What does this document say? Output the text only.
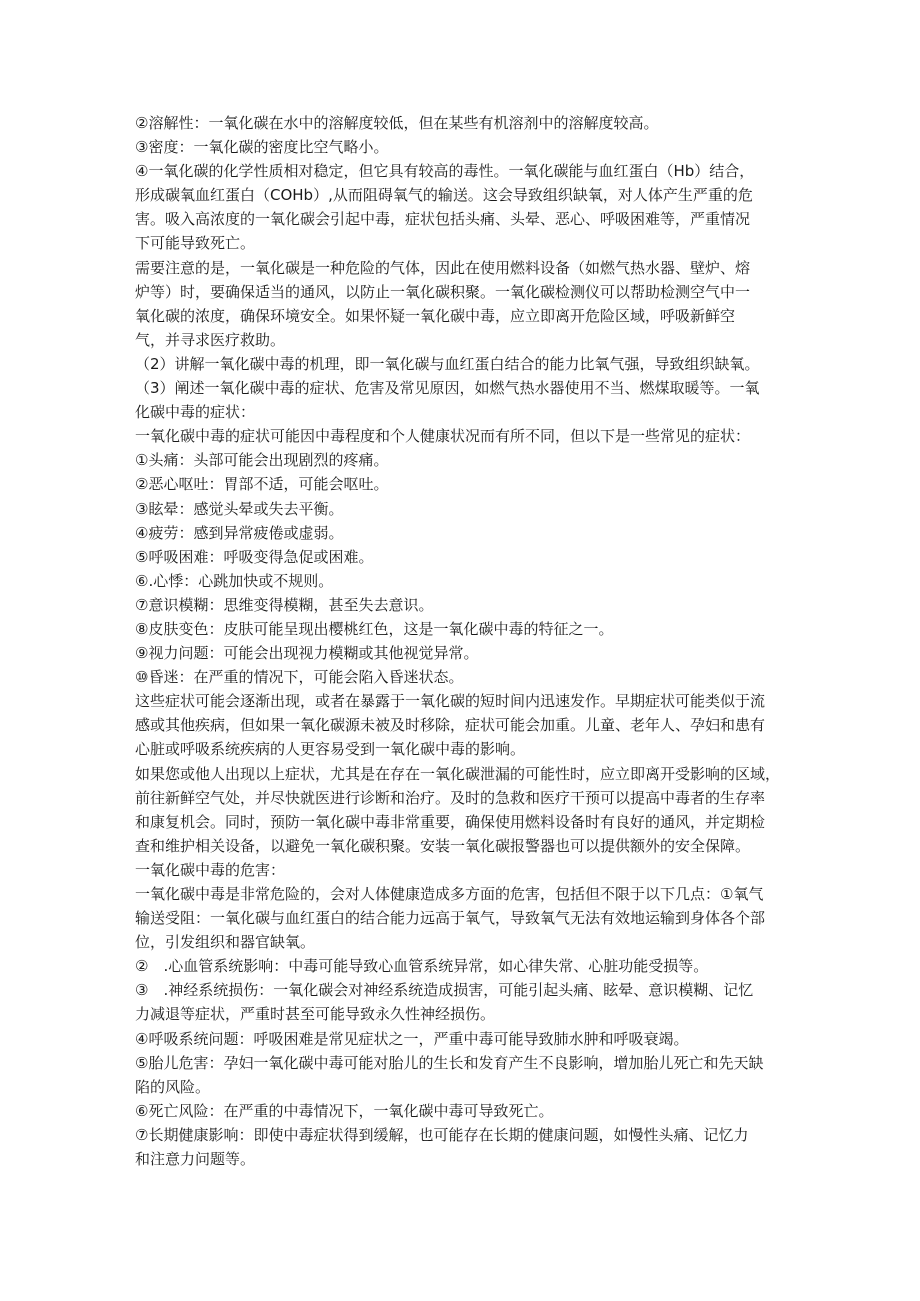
②溶解性：一氧化碳在水中的溶解度较低，但在某些有机溶剂中的溶解度较高。
③密度：一氧化碳的密度比空气略小。
④一氧化碳的化学性质相对稳定，但它具有较高的毒性。一氧化碳能与血红蛋白（Hb）结合，
形成碳氧血红蛋白（COHb）,从而阻碍氧气的输送。这会导致组织缺氧，对人体产生严重的危
害。吸入高浓度的一氧化碳会引起中毒，症状包括头痛、头晕、恶心、呼吸困难等，严重情况
下可能导致死亡。
需要注意的是，一氧化碳是一种危险的气体，因此在使用燃料设备（如燃气热水器、壁炉、熔
炉等）时，要确保适当的通风，以防止一氧化碳积聚。一氧化碳检测仪可以帮助检测空气中一
氧化碳的浓度，确保环境安全。如果怀疑一氧化碳中毒，应立即离开危险区域，呼吸新鲜空
气，并寻求医疗救助。
（2）讲解一氧化碳中毒的机理，即一氧化碳与血红蛋白结合的能力比氧气强，导致组织缺氧。
（3）阐述一氧化碳中毒的症状、危害及常见原因，如燃气热水器使用不当、燃煤取暖等。一氧
化碳中毒的症状：
一氧化碳中毒的症状可能因中毒程度和个人健康状况而有所不同，但以下是一些常见的症状：
①头痛：头部可能会出现剧烈的疼痛。
②恶心呕吐：胃部不适，可能会呕吐。
③眩晕：感觉头晕或失去平衡。
④疲劳：感到异常疲倦或虚弱。
⑤呼吸困难：呼吸变得急促或困难。
⑥.心悸：心跳加快或不规则。
⑦意识模糊：思维变得模糊，甚至失去意识。
⑧皮肤变色：皮肤可能呈现出樱桃红色，这是一氧化碳中毒的特征之一。
⑨视力问题：可能会出现视力模糊或其他视觉异常。
⑩昏迷：在严重的情况下，可能会陷入昏迷状态。
这些症状可能会逐渐出现，或者在暴露于一氧化碳的短时间内迅速发作。早期症状可能类似于流
感或其他疾病，但如果一氧化碳源未被及时移除，症状可能会加重。儿童、老年人、孕妇和患有
心脏或呼吸系统疾病的人更容易受到一氧化碳中毒的影响。
如果您或他人出现以上症状，尤其是在存在一氧化碳泄漏的可能性时，应立即离开受影响的区域，
前往新鲜空气处，并尽快就医进行诊断和治疗。及时的急救和医疗干预可以提高中毒者的生存率
和康复机会。同时，预防一氧化碳中毒非常重要，确保使用燃料设备时有良好的通风，并定期检
查和维护相关设备，以避免一氧化碳积聚。安装一氧化碳报警器也可以提供额外的安全保障。
一氧化碳中毒的危害：
一氧化碳中毒是非常危险的，会对人体健康造成多方面的危害，包括但不限于以下几点：①氧气
输送受阻：一氧化碳与血红蛋白的结合能力远高于氧气，导致氧气无法有效地运输到身体各个部
位，引发组织和器官缺氧。
②　.心血管系统影响：中毒可能导致心血管系统异常，如心律失常、心脏功能受损等。
③　.神经系统损伤：一氧化碳会对神经系统造成损害，可能引起头痛、眩晕、意识模糊、记忆
力减退等症状，严重时甚至可能导致永久性神经损伤。
④呼吸系统问题：呼吸困难是常见症状之一，严重中毒可能导致肺水肿和呼吸衰竭。
⑤胎儿危害：孕妇一氧化碳中毒可能对胎儿的生长和发育产生不良影响，增加胎儿死亡和先天缺
陷的风险。
⑥死亡风险：在严重的中毒情况下，一氧化碳中毒可导致死亡。
⑦长期健康影响：即使中毒症状得到缓解，也可能存在长期的健康问题，如慢性头痛、记忆力
和注意力问题等。
